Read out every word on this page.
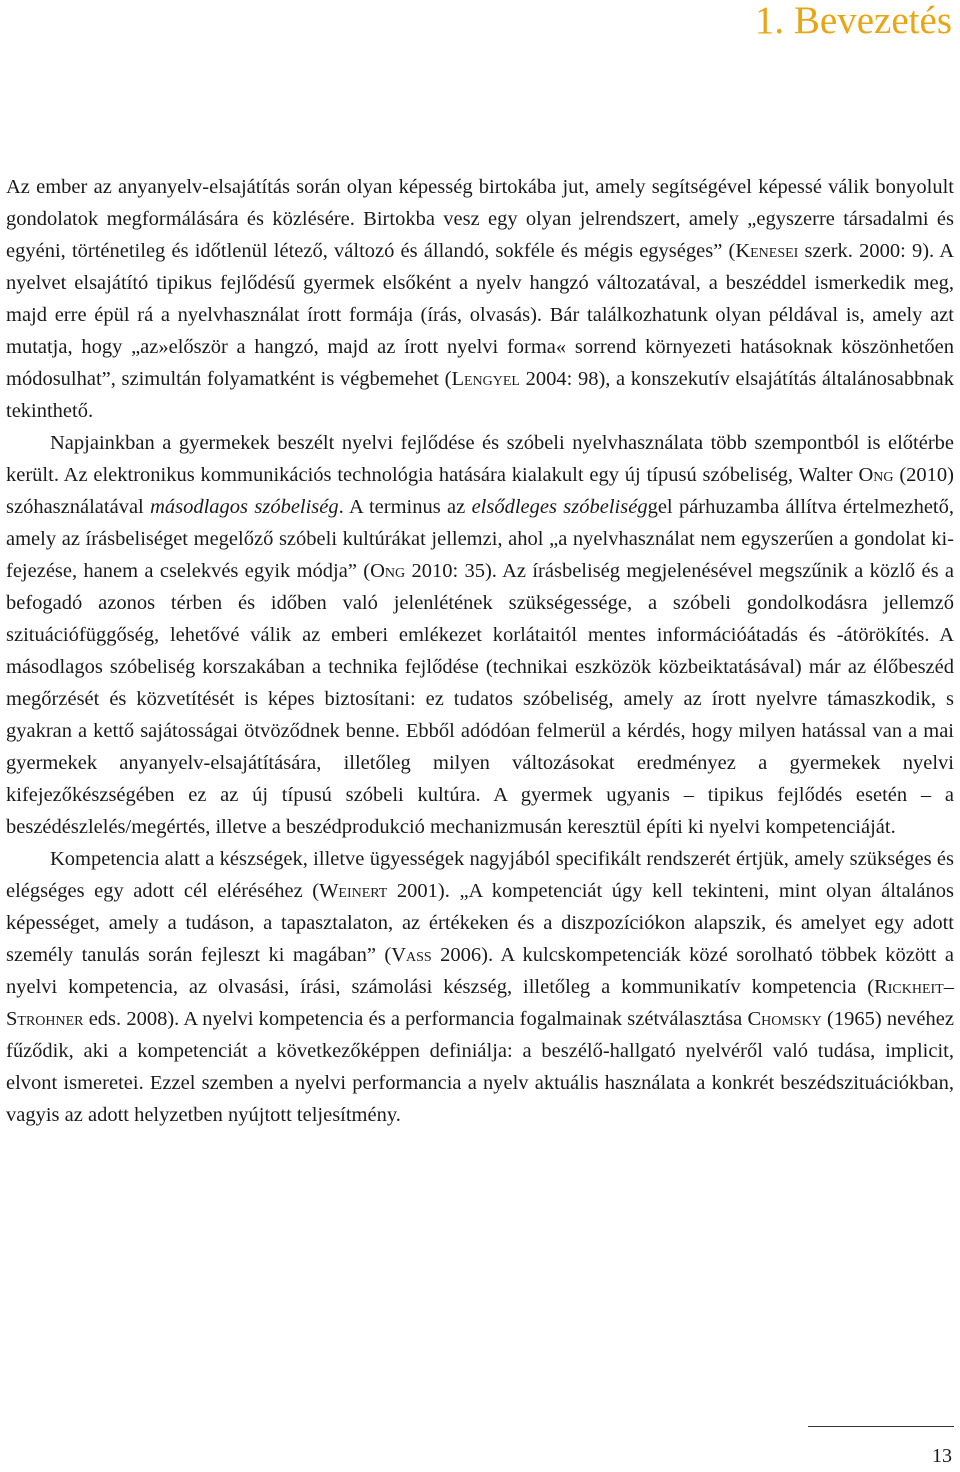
1. Bevezetés

Az ember az anyanyelv-elsajátítás során olyan képesség birtokába jut, amely segítségével képessé válik bonyolult gondolatok megformálására és közlésére. Birtokba vesz egy olyan jelrendszert, amely „egyszerre társadalmi és egyéni, történetileg és időtlenül létező, változó és állandó, sokféle és mégis egységes” (Kenesei szerk. 2000: 9). A nyelvet elsajátító tipikus fejlődésű gyermek elsőként a nyelv hangzó változatával, a beszéddel ismerkedik meg, majd erre épül rá a nyelvhasználat írott formája (írás, olvasás). Bár találkozhatunk olyan példával is, amely azt mutatja, hogy „az»először a hangzó, majd az írott nyelvi forma« sorrend környezeti hatásoknak köszönhetően módosulhat”, szimultán folyamatként is végbemehet (Lengyel 2004: 98), a konszekutív elsajátítás általánosabbnak tekinthető.

Napjainkban a gyermekek beszélt nyelvi fejlődése és szóbeli nyelvhasználata több szempontból is előtérbe került. Az elektronikus kommunikációs technológia hatására kialakult egy új típusú szóbeliség, Walter Ong (2010) szóhasználatával másodlagos szóbeliség. A terminus az elsődleges szóbeliséggel párhuzamba állítva értelmezhető, amely az írásbeliséget megelőző szóbeli kultúrákat jellemzi, ahol „a nyelvhasználat nem egyszerűen a gondolat kifejezése, hanem a cselekvés egyik módja” (Ong 2010: 35). Az írásbeliség megjelenésével megszűnik a közlő és a befogadó azonos térben és időben való jelenlétének szükségessége, a szóbeli gondolkodásra jellemző szituációfüggőség, lehetővé válik az emberi emlékezet korlátaitól mentes információátadás és -átörökítés. A másodlagos szóbeliség korszakában a technika fejlődése (technikai eszközök közbeiktatásával) már az élőbeszéd megőrzését és közvetítését is képes biztosítani: ez tudatos szóbeliség, amely az írott nyelvre támaszkodik, s gyakran a kettő sajátosságai ötvöződnek benne. Ebből adódóan felmerül a kérdés, hogy milyen hatással van a mai gyermekek anyanyelv-elsajátítására, illetőleg milyen változásokat eredményez a gyermekek nyelvi kifejezőkészségében ez az új típusú szóbeli kultúra. A gyermek ugyanis – tipikus fejlődés esetén – a beszédészlelés/megértés, illetve a beszédprodukció mechanizmusán keresztül építi ki nyelvi kompetenciáját.

Kompetencia alatt a készségek, illetve ügyességek nagyjából specifikált rendszerét értjük, amely szükséges és elégséges egy adott cél eléréséhez (Weinert 2001). „A kompetenciát úgy kell tekinteni, mint olyan általános képességet, amely a tudáson, a tapasztalaton, az értékeken és a diszpozíciókon alapszik, és amelyet egy adott személy tanulás során fejleszt ki magában” (Vass 2006). A kulcskompetenciák közé sorolható többek között a nyelvi kompetencia, az olvasási, írási, számolási készség, illetőleg a kommunikatív kompetencia (Rickheit–Strohner eds. 2008). A nyelvi kompetencia és a performancia fogalmainak szétválasztása Chomsky (1965) nevéhez fűződik, aki a kompetenciát a következőképpen definiálja: a beszélő-hallgató nyelvéről való tudása, implicit, elvont ismeretei. Ezzel szemben a nyelvi performancia a nyelv aktuális használata a konkrét beszédszituációkban, vagyis az adott helyzetben nyújtott teljesítmény.

13
